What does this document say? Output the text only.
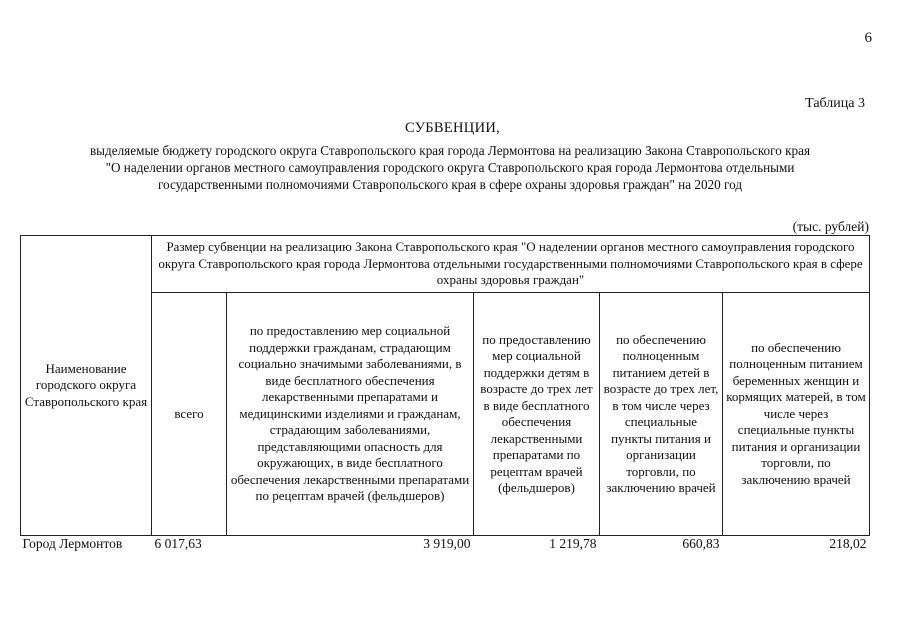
6
Таблица 3
СУБВЕНЦИИ,
выделяемые бюджету городского округа Ставропольского края города Лермонтова на реализацию Закона Ставропольского края
"О наделении органов местного самоуправления городского округа Ставропольского края города Лермонтова отдельными
государственными полномочиями Ставропольского края в сфере охраны здоровья граждан" на 2020 год
(тыс. рублей)
Наименование городского округа Ставропольского края	Размер субвенции на реализацию Закона Ставропольского края "О наделении органов местного самоуправления городского округа Ставропольского края города Лермонтова отдельными государственными полномочиями Ставропольского края в сфере охраны здоровья граждан"				
	всего	по предоставлению мер социальной поддержки гражданам, страдающим социально значимыми заболеваниями, в виде бесплатного обеспечения лекарственными препаратами и медицинскими изделиями и гражданам, страдающим заболеваниями, представляющими опасность для окружающих, в виде бесплатного обеспечения лекарственными препаратами по рецептам врачей (фельдшеров)	по предоставлению мер социальной поддержки детям в возрасте до трех лет в виде бесплатного обеспечения лекарственными препаратами по рецептам врачей (фельдшеров)	по обеспечению полноценным питанием детей в возрасте до трех лет, в том числе через специальные пункты питания и организации торговли, по заключению врачей	по обеспечению полноценным питанием беременных женщин и кормящих матерей, в том числе через специальные пункты питания и организации торговли, по заключению врачей
Город Лермонтов	6 017,63	3 919,00	1 219,78	660,83	218,02
